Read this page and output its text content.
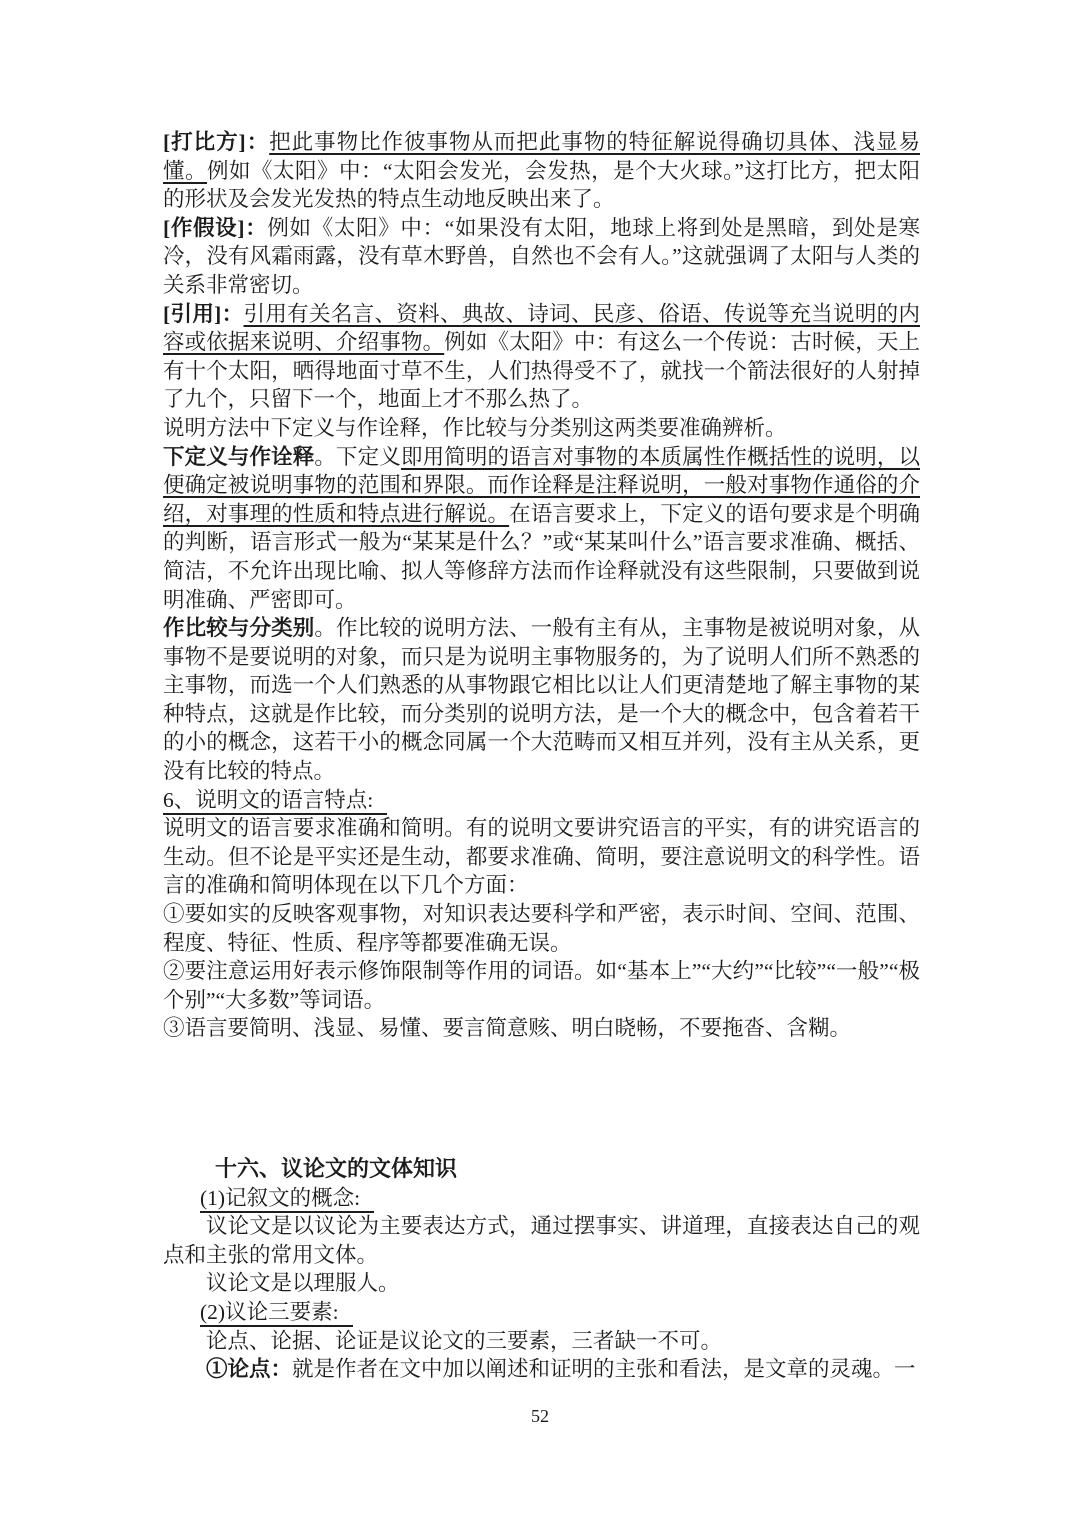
[打比方]：把此事物比作彼事物从而把此事物的特征解说得确切具体、浅显易懂。例如《太阳》中：“太阳会发光，会发热，是个大火球。”这打比方，把太阳的形状及会发光发热的特点生动地反映出来了。

[作假设]：例如《太阳》中：“如果没有太阳，地球上将到处是黑暗，到处是寒冷，没有风霜雨露，没有草木野兽，自然也不会有人。”这就强调了太阳与人类的关系非常密切。

[引用]：引用有关名言、资料、典故、诗词、民彦、俗语、传说等充当说明的内容或依据来说明、介绍事物。例如《太阳》中：有这么一个传说：古时候，天上有十个太阳，晒得地面寸草不生，人们热得受不了，就找一个箭法很好的人射掉了九个，只留下一个，地面上才不那么热了。

说明方法中下定义与作诠释，作比较与分类别这两类要准确辨析。

下定义与作诠释。下定义即用简明的语言对事物的本质属性作概括性的说明，以便确定被说明事物的范围和界限。而作诠释是注释说明，一般对事物作通俗的介绍，对事理的性质和特点进行解说。在语言要求上，下定义的语句要求是个明确的判断，语言形式一般为“某某是什么？”或“某某叫什么”语言要求准确、概括、简洁，不允许出现比喻、拟人等修辞方法而作诠释就没有这些限制，只要做到说明准确、严密即可。

作比较与分类别。作比较的说明方法、一般有主有从，主事物是被说明对象，从事物不是要说明的对象，而只是为说明主事物服务的，为了说明人们所不熟悉的主事物，而选一个人们熟悉的从事物跟它相比以让人们更清楚地了解主事物的某种特点，这就是作比较，而分类别的说明方法，是一个大的概念中，包含着若干的小的概念，这若干小的概念同属一个大范畴而又相互并列，没有主从关系，更没有比较的特点。

6、说明文的语言特点:

说明文的语言要求准确和简明。有的说明文要讲究语言的平实，有的讲究语言的生动。但不论是平实还是生动，都要求准确、简明，要注意说明文的科学性。语言的准确和简明体现在以下几个方面：

①要如实的反映客观事物，对知识表达要科学和严密，表示时间、空间、范围、程度、特征、性质、程序等都要准确无误。

②要注意运用好表示修饰限制等作用的词语。如“基本上”“大约”“比较”“一般”“极个别”“大多数”等词语。

③语言要简明、浅显、易懂、要言简意赅、明白晓畅，不要拖沓、含糊。

十六、议论文的文体知识

(1)记叙文的概念:

议论文是以议论为主要表达方式，通过摆事实、讲道理，直接表达自己的观点和主张的常用文体。

议论文是以理服人。

(2)议论三要素:

论点、论据、论证是议论文的三要素，三者缺一不可。

①论点：就是作者在文中加以阐述和证明的主张和看法，是文章的灵魂。一

52
